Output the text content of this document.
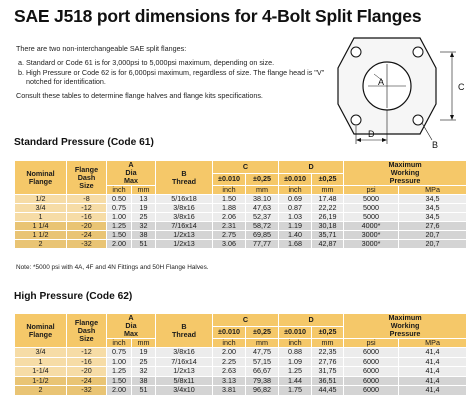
SAE J518 port dimensions for 4-Bolt Split Flanges

There are two non-interchangeable SAE split flanges:

a. Standard or Code 61 is for 3,000psi to 5,000psi maximum, depending on size.

b. High Pressure or Code 62 is for 6,000psi maximum, regardless of size. The flange head is "V" notched for identification.

Consult these tables to determine flange halves and flange kits specifications.

A
B
C
D
Standard Pressure (Code 61)
Nominal
Flange	Flange
Dash
Size	A
Dia
Max		B
Thread	C		D		Maximum
Working
Pressure	
					±0.010	±0,25	±0.010	±0,25		
		inch	mm		inch	mm	inch	mm	psi	MPa
1/2	-8	0.50	13	5/16x18	1.50	38.10	0.69	17.48	5000	34,5
3/4	-12	0.75	19	3/8x16	1.88	47,63	0.87	22,22	5000	34,5
1	-16	1.00	25	3/8x16	2.06	52,37	1.03	26,19	5000	34,5
1 1/4	-20	1.25	32	7/16x14	2.31	58,72	1.19	30,18	4000*	27,6
1 1/2	-24	1.50	38	1/2x13	2.75	69,85	1.40	35,71	3000*	20,7
2	-32	2.00	51	1/2x13	3.06	77,77	1.68	42,87	3000*	20,7
Note: *5000 psi with 4A, 4F and 4N Fittings and 50H Flange Halves.
High Pressure (Code 62)
Nominal
Flange	Flange
Dash
Size	A
Dia
Max		B
Thread	C		D		Maximum
Working
Pressure	
					±0.010	±0,25	±0.010	±0,25		
		inch	mm		inch	mm	inch	mm	psi	MPa
3/4	-12	0.75	19	3/8x16	2.00	47,75	0.88	22,35	6000	41,4
1	-16	1.00	25	7/16x14	2.25	57,15	1.09	27,76	6000	41,4
1-1/4	-20	1.25	32	1/2x13	2.63	66,67	1.25	31,75	6000	41,4
1-1/2	-24	1.50	38	5/8x11	3.13	79,38	1.44	36,51	6000	41,4
2	-32	2.00	51	3/4x10	3.81	96,82	1.75	44,45	6000	41,4
